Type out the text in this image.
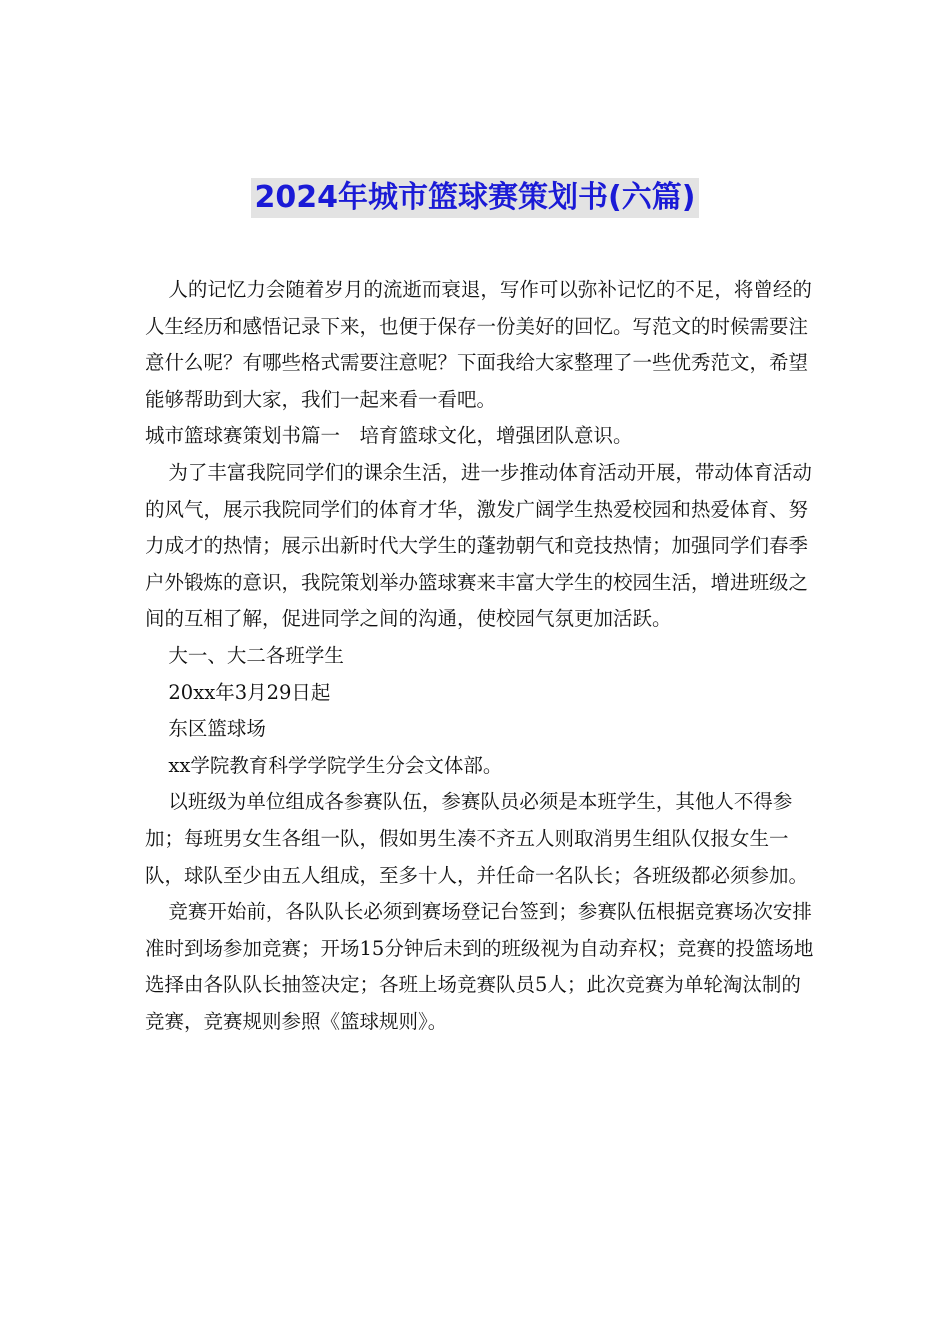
2024年城市篮球赛策划书(六篇)

人的记忆力会随着岁月的流逝而衰退，写作可以弥补记忆的不足，将曾经的人生经历和感悟记录下来，也便于保存一份美好的回忆。写范文的时候需要注意什么呢？有哪些格式需要注意呢？下面我给大家整理了一些优秀范文，希望能够帮助到大家，我们一起来看一看吧。

城市篮球赛策划书篇一　培育篮球文化，增强团队意识。

为了丰富我院同学们的课余生活，进一步推动体育活动开展，带动体育活动的风气，展示我院同学们的体育才华，激发广阔学生热爱校园和热爱体育、努力成才的热情；展示出新时代大学生的蓬勃朝气和竞技热情；加强同学们春季户外锻炼的意识，我院策划举办篮球赛来丰富大学生的校园生活，增进班级之间的互相了解，促进同学之间的沟通，使校园气氛更加活跃。

大一、大二各班学生

20xx年3月29日起

东区篮球场

xx学院教育科学学院学生分会文体部。

以班级为单位组成各参赛队伍，参赛队员必须是本班学生，其他人不得参加；每班男女生各组一队，假如男生凑不齐五人则取消男生组队仅报女生一队，球队至少由五人组成，至多十人，并任命一名队长；各班级都必须参加。

竞赛开始前，各队队长必须到赛场登记台签到；参赛队伍根据竞赛场次安排准时到场参加竞赛；开场15分钟后未到的班级视为自动弃权；竞赛的投篮场地选择由各队队长抽签决定；各班上场竞赛队员5人；此次竞赛为单轮淘汰制的竞赛，竞赛规则参照《篮球规则》。
